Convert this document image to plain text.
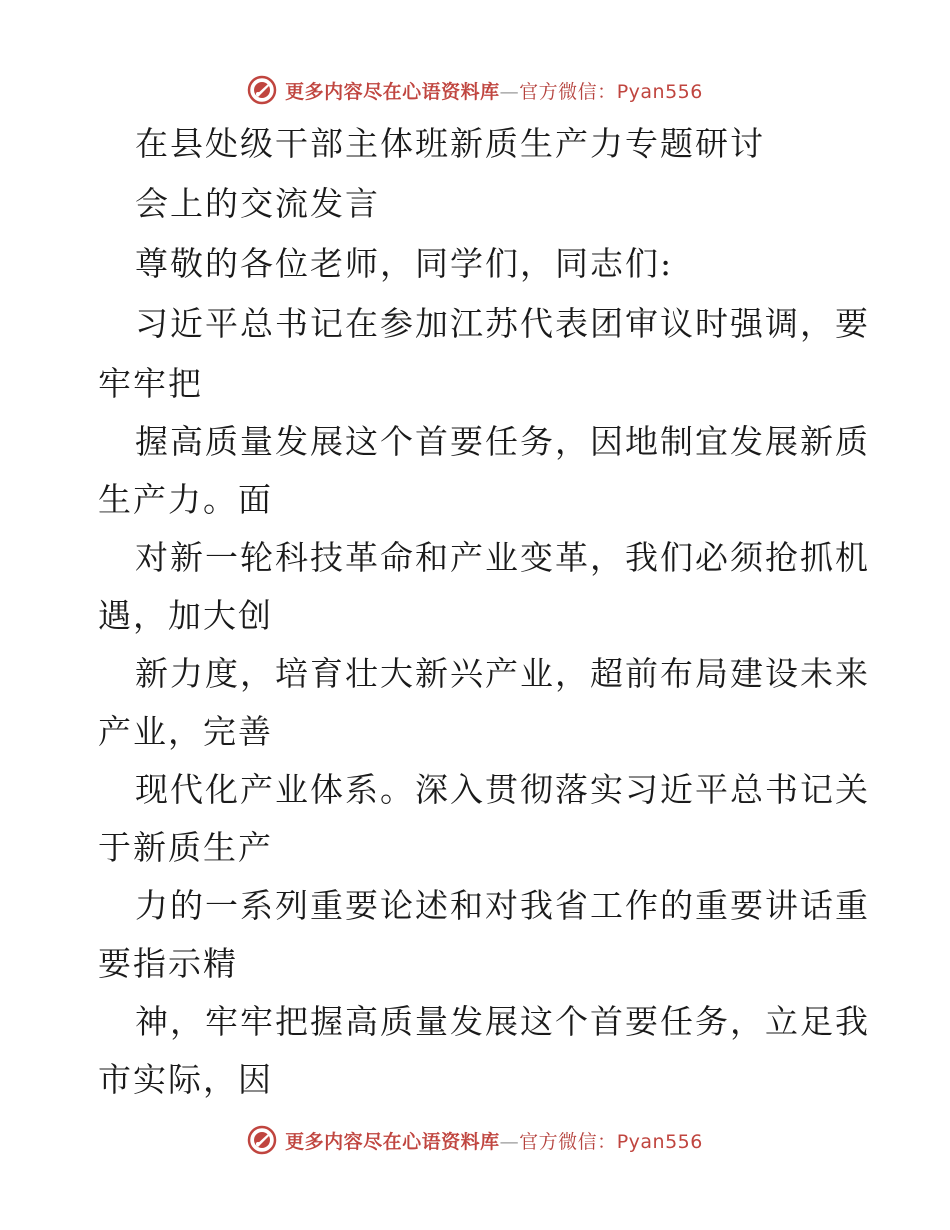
更多内容尽在心语资料库—官方微信：Pyan556
在县处级干部主体班新质生产力专题研讨
会上的交流发言
尊敬的各位老师，同学们，同志们:
习近平总书记在参加江苏代表团审议时强调，要
牢牢把
握高质量发展这个首要任务，因地制宜发展新质
生产力。面
对新一轮科技革命和产业变革，我们必须抢抓机
遇，加大创
新力度，培育壮大新兴产业，超前布局建设未来
产业，完善
现代化产业体系。深入贯彻落实习近平总书记关
于新质生产
力的一系列重要论述和对我省工作的重要讲话重
要指示精
神，牢牢把握高质量发展这个首要任务，立足我
市实际，因
更多内容尽在心语资料库—官方微信：Pyan556
